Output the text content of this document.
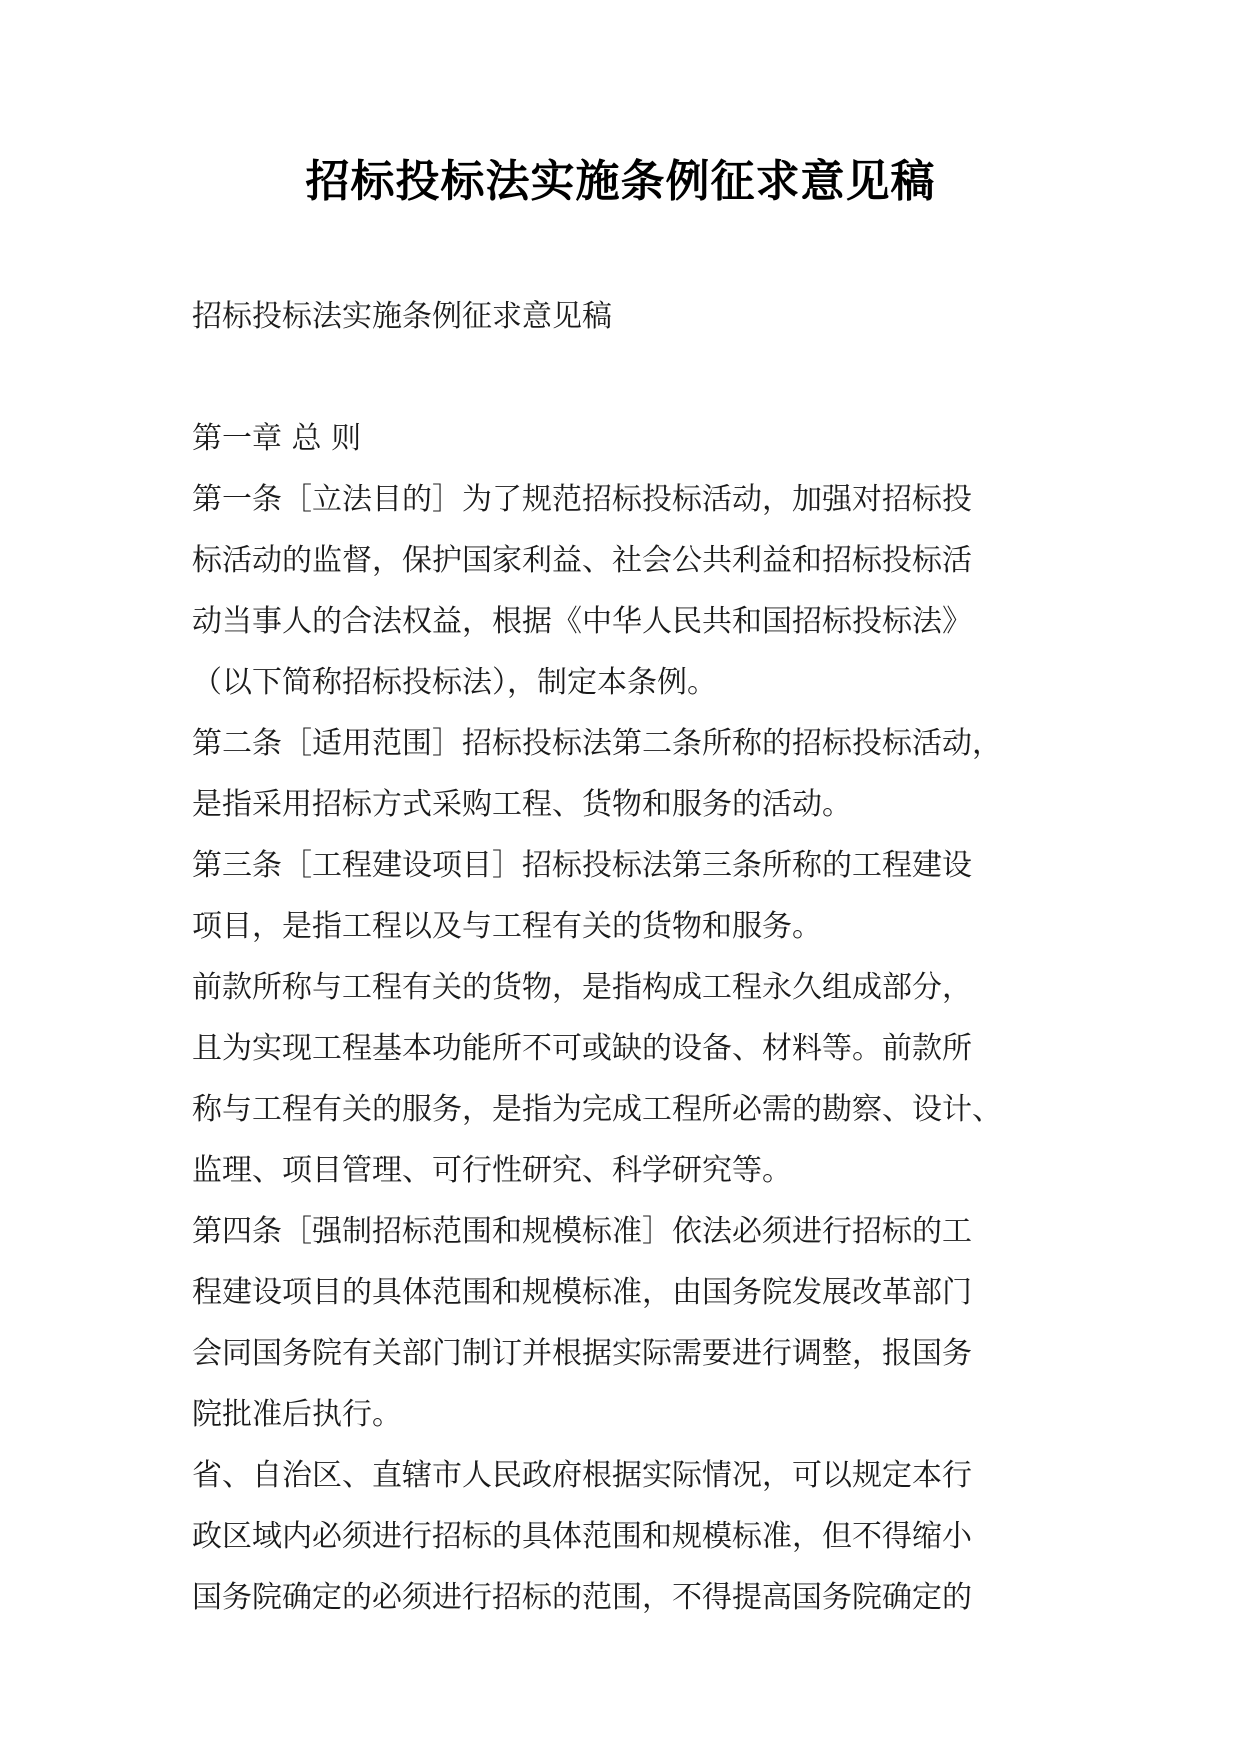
招标投标法实施条例征求意见稿

招标投标法实施条例征求意见稿

第一章 总 则

第一条［立法目的］为了规范招标投标活动，加强对招标投

标活动的监督，保护国家利益、社会公共利益和招标投标活

动当事人的合法权益，根据《中华人民共和国招标投标法》

（以下简称招标投标法），制定本条例。

第二条［适用范围］招标投标法第二条所称的招标投标活动，

是指采用招标方式采购工程、货物和服务的活动。

第三条［工程建设项目］招标投标法第三条所称的工程建设

项目，是指工程以及与工程有关的货物和服务。

前款所称与工程有关的货物，是指构成工程永久组成部分，

且为实现工程基本功能所不可或缺的设备、材料等。前款所

称与工程有关的服务，是指为完成工程所必需的勘察、设计、

监理、项目管理、可行性研究、科学研究等。

第四条［强制招标范围和规模标准］依法必须进行招标的工

程建设项目的具体范围和规模标准，由国务院发展改革部门

会同国务院有关部门制订并根据实际需要进行调整，报国务

院批准后执行。

省、自治区、直辖市人民政府根据实际情况，可以规定本行

政区域内必须进行招标的具体范围和规模标准，但不得缩小

国务院确定的必须进行招标的范围，不得提高国务院确定的
